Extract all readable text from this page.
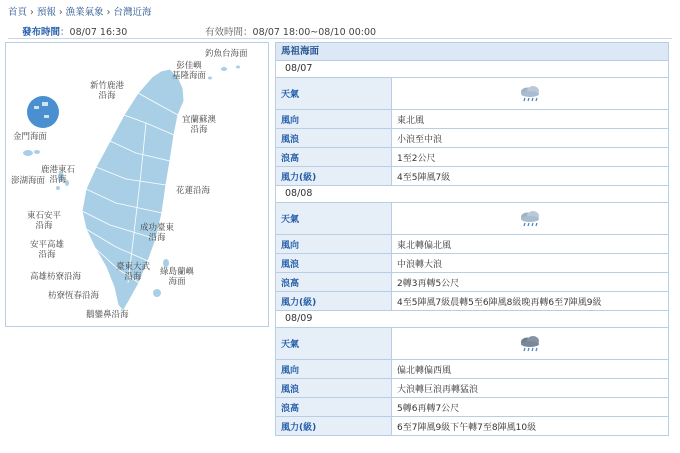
首頁 › 預報 › 漁業氣象 › 台灣近海
發布時間：08/07 16:30	有效時間：08/07 18:00~08/10 00:00
釣魚台海面
彭佳嶼
基隆海面
新竹鹿港
沿海
宜蘭蘇澳
沿海
馬祖海面
金門海面
鹿港東石
沿海
澎湖海面
花蓮沿海
東石安平
沿海
安平高雄
沿海
成功臺東
沿海
高雄枋寮沿海
臺東大武
沿海	綠島蘭嶼
海面
枋寮恆春沿海
鵝鑾鼻沿海
馬祖海面
08/07
天氣	
風向	東北風
風浪	小浪至中浪
浪高	1至2公尺
風力(級)	4至5陣風7級
08/08
天氣	
風向	東北轉偏北風
風浪	中浪轉大浪
浪高	2轉3再轉5公尺
風力(級)	4至5陣風7級晨轉5至6陣風8級晚再轉6至7陣風9級
08/09
天氣	
風向	偏北轉偏西風
風浪	大浪轉巨浪再轉猛浪
浪高	5轉6再轉7公尺
風力(級)	6至7陣風9級下午轉7至8陣風10級
